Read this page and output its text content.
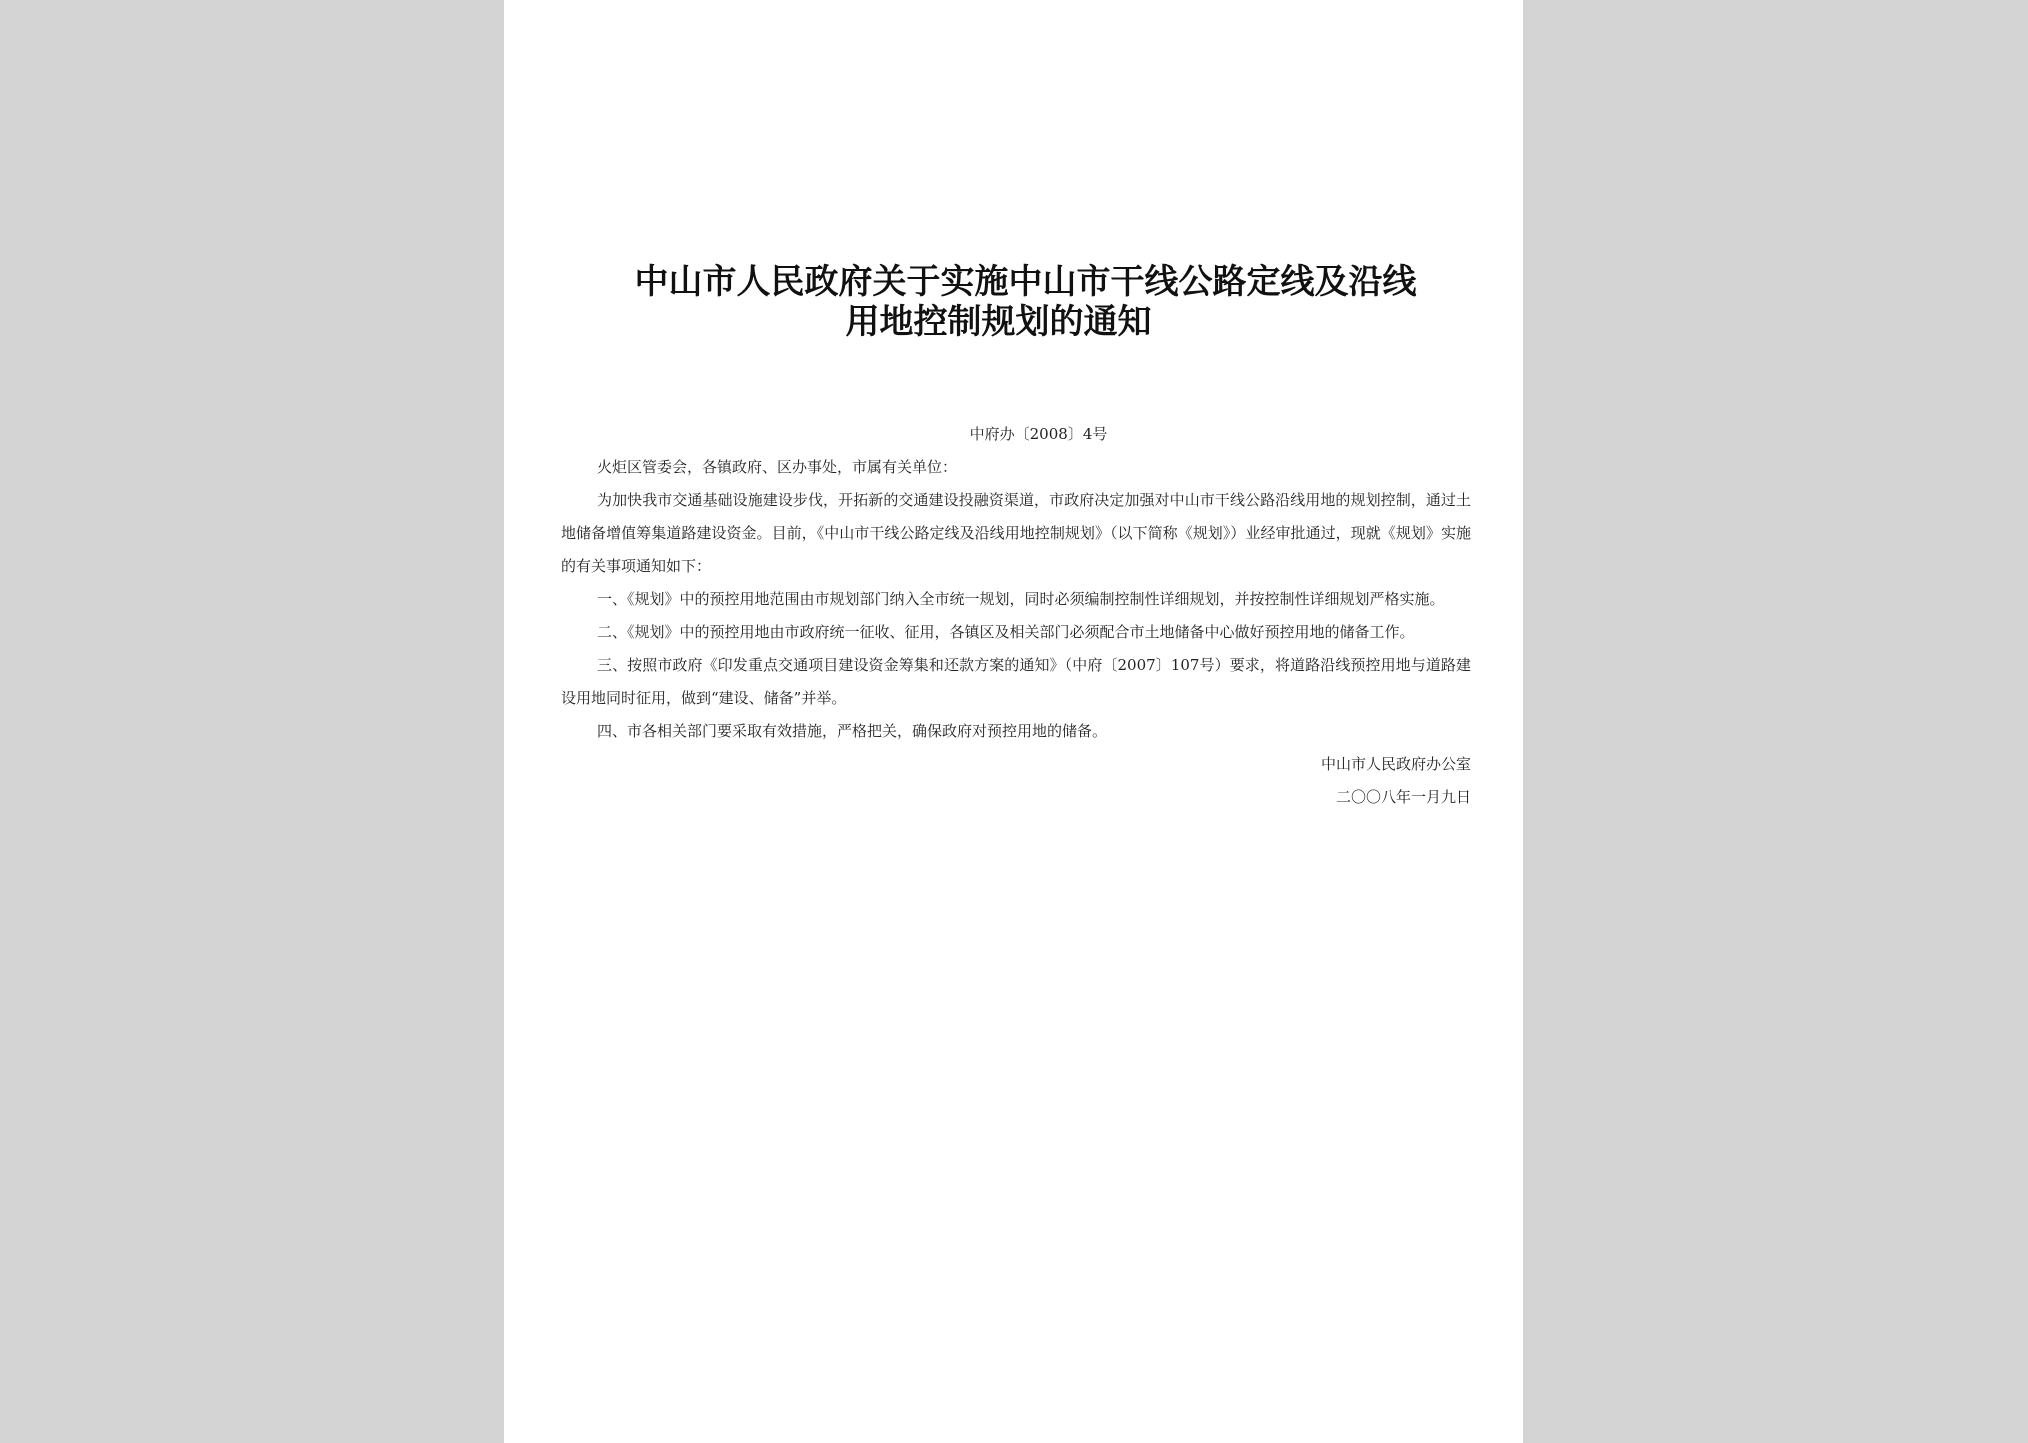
中山市人民政府关于实施中山市干线公路定线及沿线
用地控制规划的通知
中府办〔2008〕4号
火炬区管委会，各镇政府、区办事处，市属有关单位：
为加快我市交通基础设施建设步伐，开拓新的交通建设投融资渠道，市政府决定加强对中山市干线公路沿线用地的规划控制，通过土地储备增值筹集道路建设资金。目前，《中山市干线公路定线及沿线用地控制规划》（以下简称《规划》）业经审批通过，现就《规划》实施的有关事项通知如下：
一、《规划》中的预控用地范围由市规划部门纳入全市统一规划，同时必须编制控制性详细规划，并按控制性详细规划严格实施。
二、《规划》中的预控用地由市政府统一征收、征用，各镇区及相关部门必须配合市土地储备中心做好预控用地的储备工作。
三、按照市政府《印发重点交通项目建设资金筹集和还款方案的通知》（中府〔2007〕107号）要求，将道路沿线预控用地与道路建设用地同时征用，做到“建设、储备”并举。
四、市各相关部门要采取有效措施，严格把关，确保政府对预控用地的储备。
中山市人民政府办公室
二〇〇八年一月九日
